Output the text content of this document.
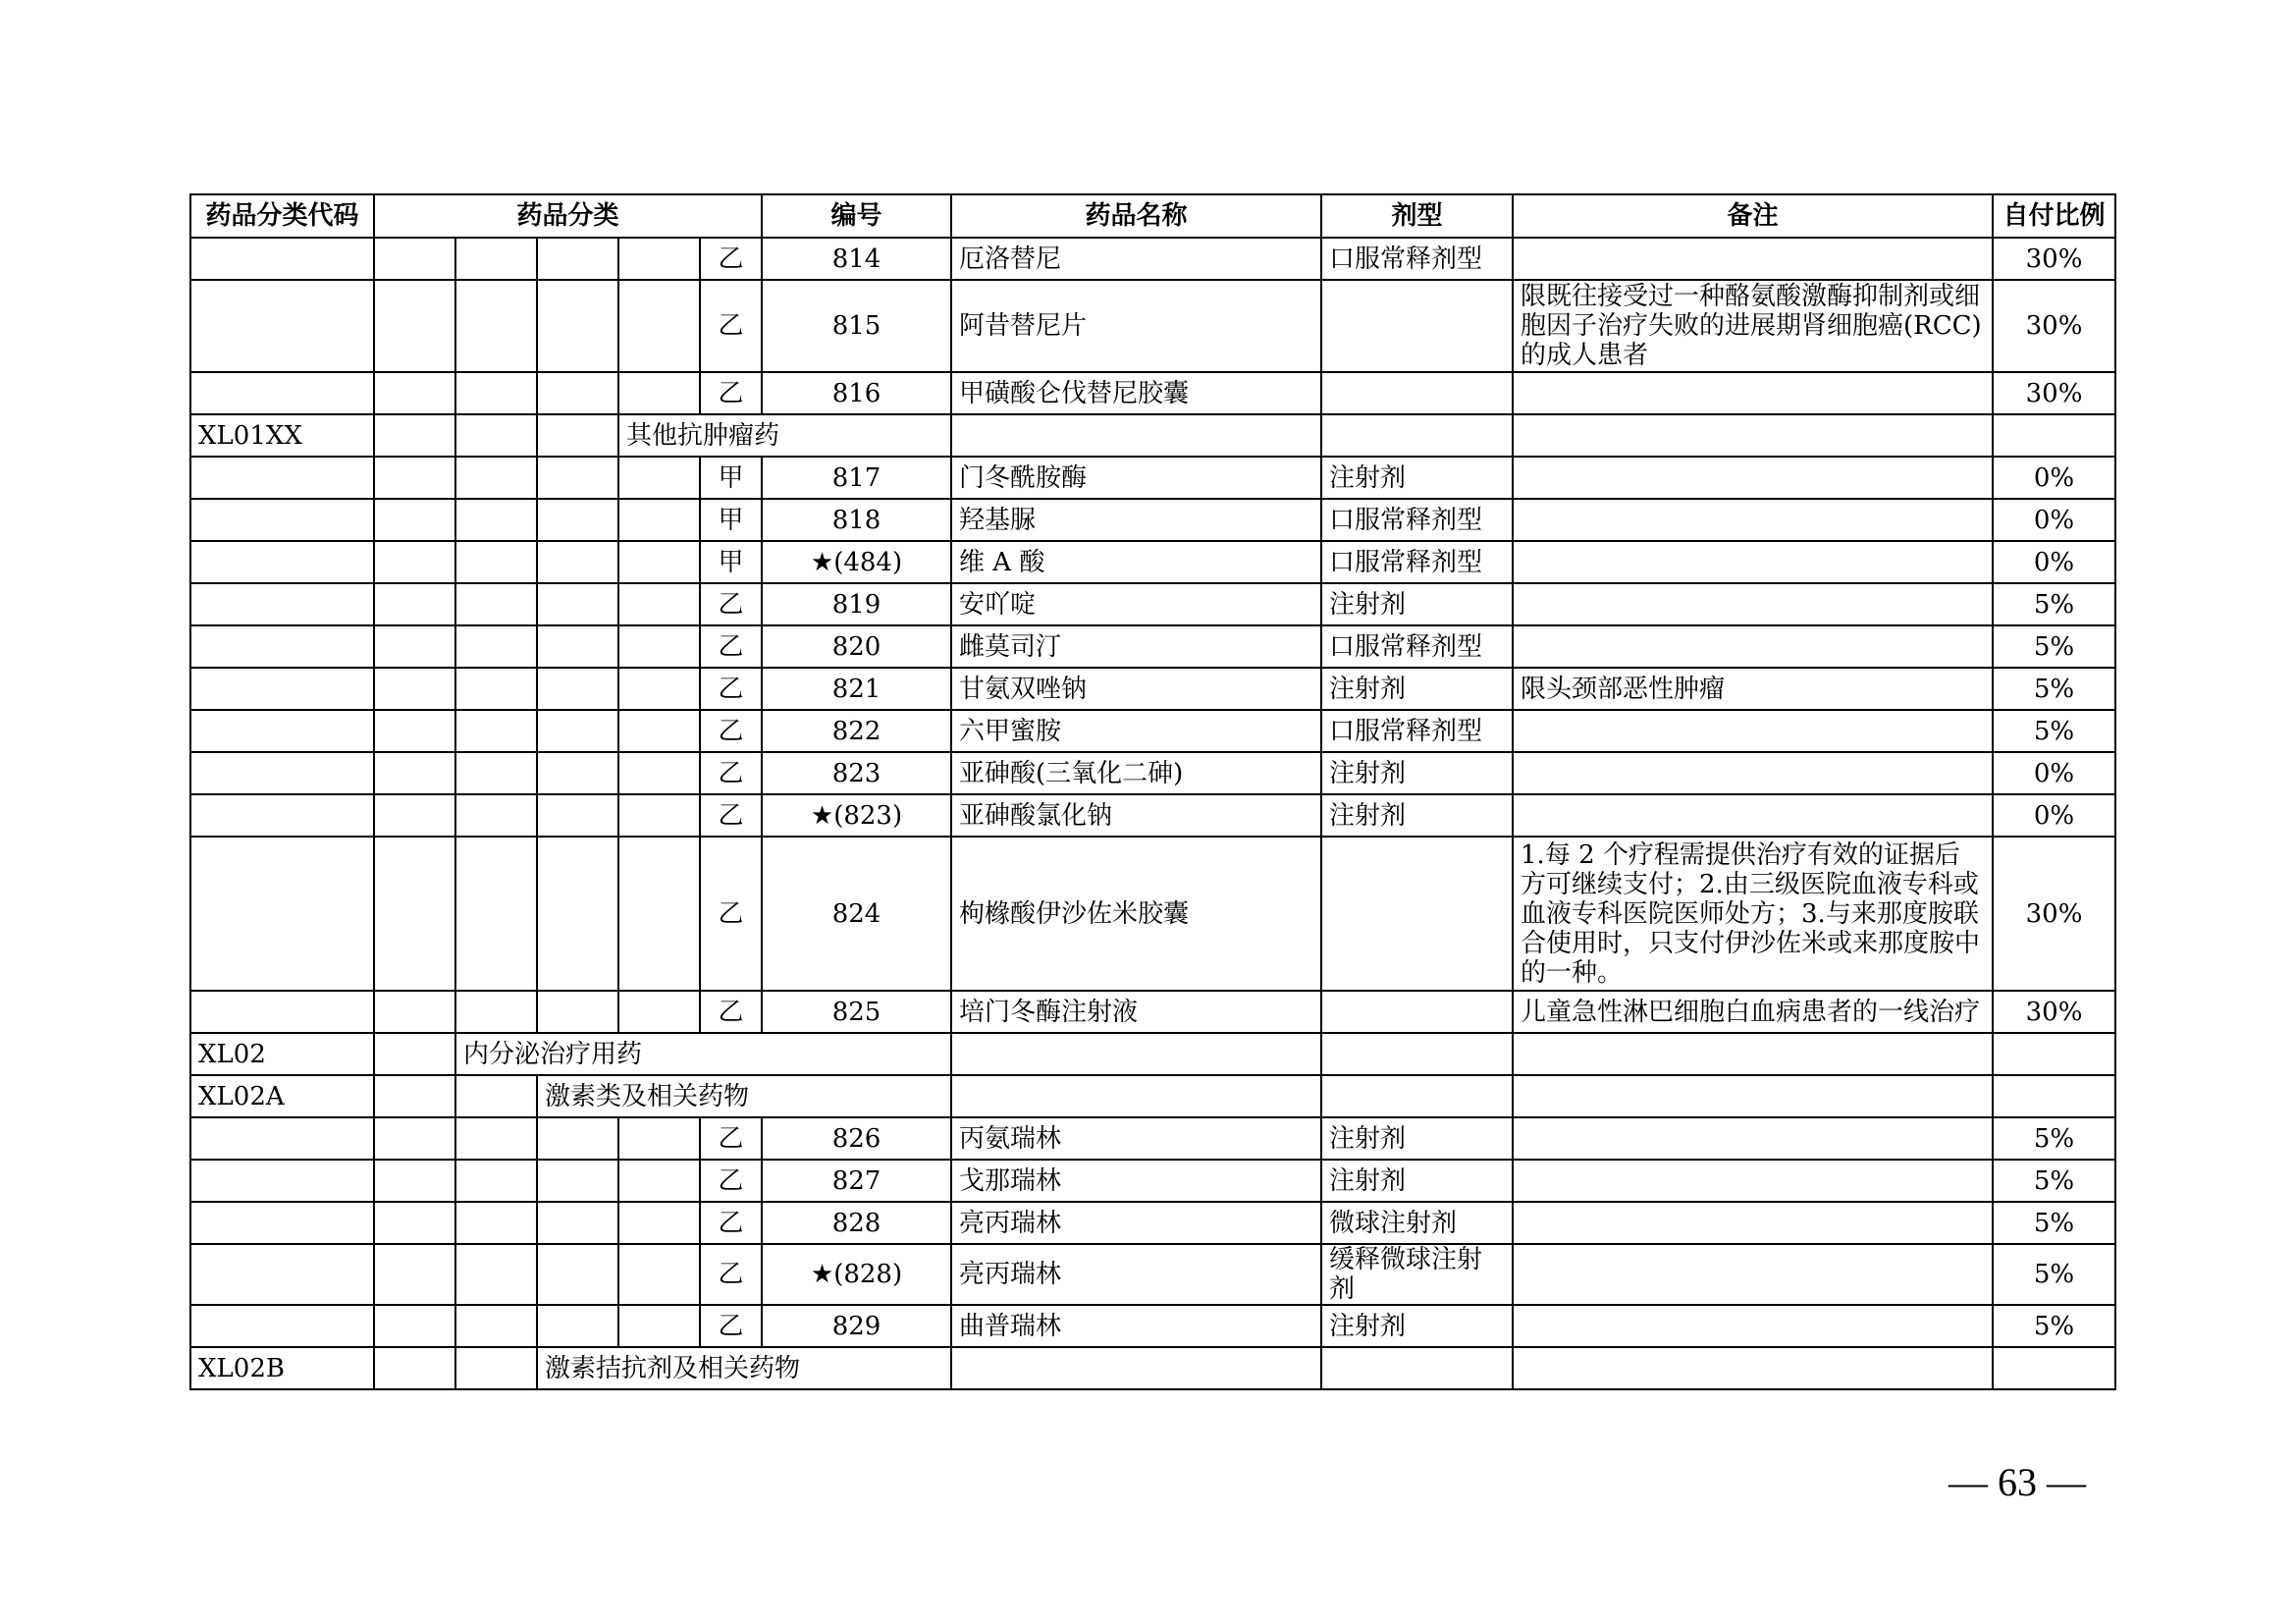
药品分类代码	药品分类					编号	药品名称	剂型	备注	自付比例
					乙	814	厄洛替尼	口服常释剂型		30%
					乙	815	阿昔替尼片		限既往接受过一种酪氨酸激酶抑制剂或细胞因子治疗失败的进展期肾细胞癌(RCC)的成人患者	30%
					乙	816	甲磺酸仑伐替尼胶囊			30%
XL01XX				其他抗肿瘤药						
					甲	817	门冬酰胺酶	注射剂		0%
					甲	818	羟基脲	口服常释剂型		0%
					甲	★(484)	维 A 酸	口服常释剂型		0%
					乙	819	安吖啶	注射剂		5%
					乙	820	雌莫司汀	口服常释剂型		5%
					乙	821	甘氨双唑钠	注射剂	限头颈部恶性肿瘤	5%
					乙	822	六甲蜜胺	口服常释剂型		5%
					乙	823	亚砷酸(三氧化二砷)	注射剂		0%
					乙	★(823)	亚砷酸氯化钠	注射剂		0%
					乙	824	枸橼酸伊沙佐米胶囊		1.每 2 个疗程需提供治疗有效的证据后方可继续支付；2.由三级医院血液专科或血液专科医院医师处方；3.与来那度胺联合使用时，只支付伊沙佐米或来那度胺中的一种。	30%
					乙	825	培门冬酶注射液		儿童急性淋巴细胞白血病患者的一线治疗	30%
XL02		内分泌治疗用药								
XL02A			激素类及相关药物							
					乙	826	丙氨瑞林	注射剂		5%
					乙	827	戈那瑞林	注射剂		5%
					乙	828	亮丙瑞林	微球注射剂		5%
					乙	★(828)	亮丙瑞林	缓释微球注射剂		5%
					乙	829	曲普瑞林	注射剂		5%
XL02B			激素拮抗剂及相关药物							
— 63 —
